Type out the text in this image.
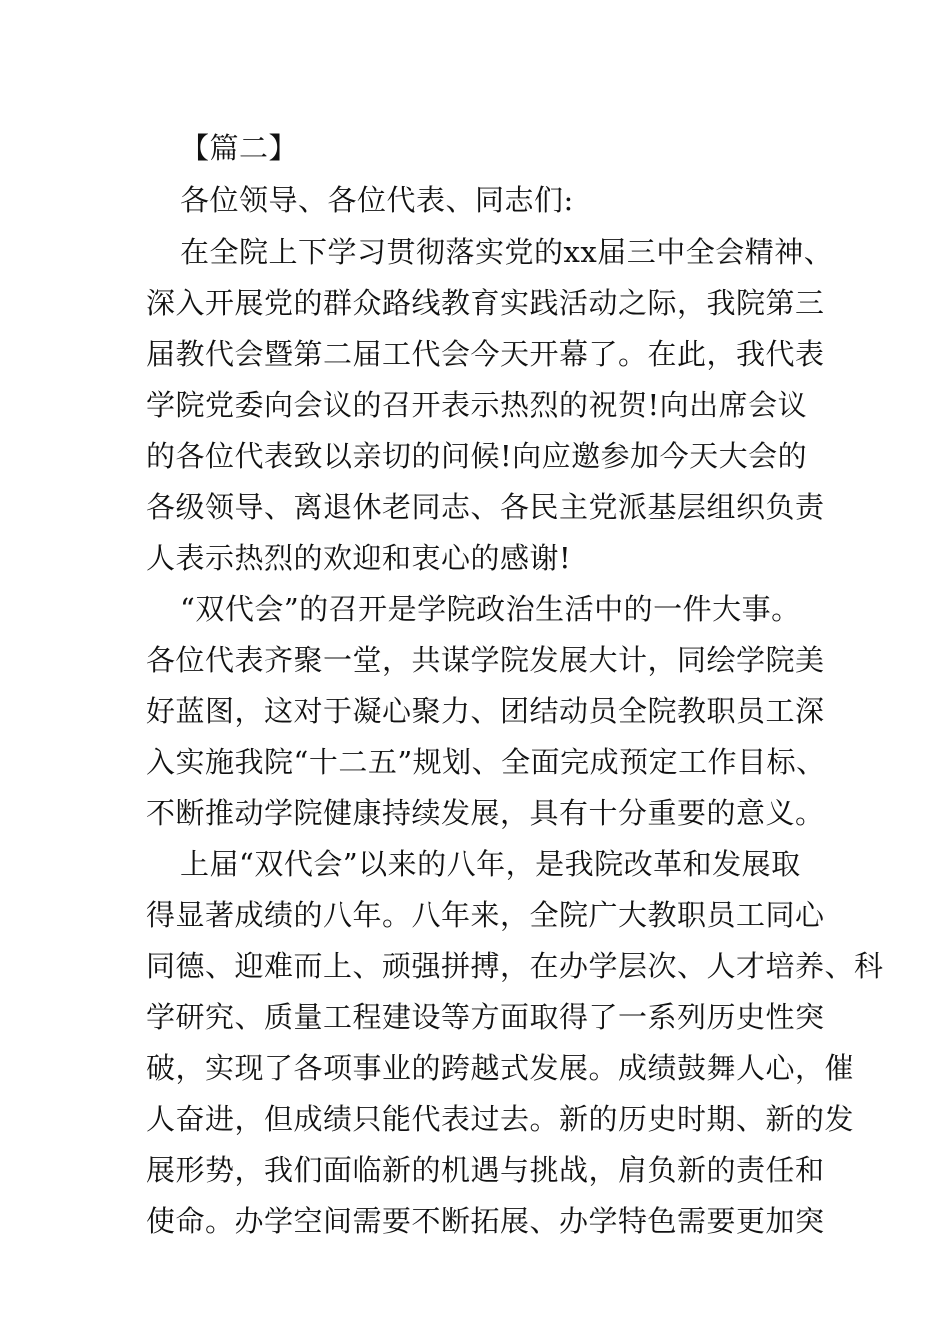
【篇二】
各位领导、各位代表、同志们:
在全院上下学习贯彻落实党的xx届三中全会精神、
深入开展党的群众路线教育实践活动之际，我院第三
届教代会暨第二届工代会今天开幕了。在此，我代表
学院党委向会议的召开表示热烈的祝贺!向出席会议
的各位代表致以亲切的问候!向应邀参加今天大会的
各级领导、离退休老同志、各民主党派基层组织负责
人表示热烈的欢迎和衷心的感谢!
“双代会”的召开是学院政治生活中的一件大事。
各位代表齐聚一堂，共谋学院发展大计，同绘学院美
好蓝图，这对于凝心聚力、团结动员全院教职员工深
入实施我院“十二五”规划、全面完成预定工作目标、
不断推动学院健康持续发展，具有十分重要的意义。
上届“双代会”以来的八年，是我院改革和发展取
得显著成绩的八年。八年来，全院广大教职员工同心
同德、迎难而上、顽强拼搏，在办学层次、人才培养、科
学研究、质量工程建设等方面取得了一系列历史性突
破，实现了各项事业的跨越式发展。成绩鼓舞人心，催
人奋进，但成绩只能代表过去。新的历史时期、新的发
展形势，我们面临新的机遇与挑战，肩负新的责任和
使命。办学空间需要不断拓展、办学特色需要更加突
